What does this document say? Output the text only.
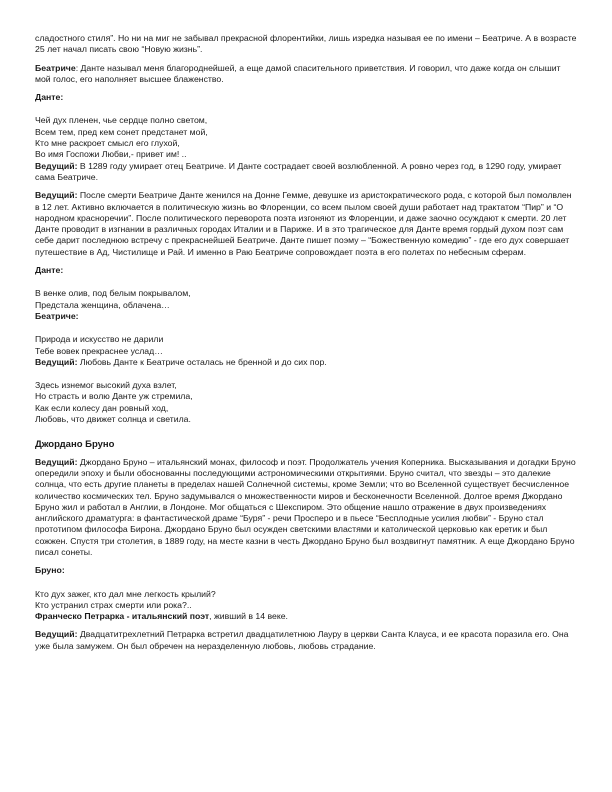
сладостного стиля”. Но ни на миг не забывал прекрасной флорентийки, лишь изредка называя ее по имени – Беатриче. А в возрасте 25 лет начал писать свою “Новую жизнь”.

Беатриче: Данте называл меня благороднейшей, а еще дамой спасительного приветствия. И говорил, что даже когда он слышит мой голос, его наполняет высшее блаженство.

Данте:

Чей дух пленен, чье сердце полно светом,

Всем тем, пред кем сонет предстанет мой,

Кто мне раскроет смысл его глухой,

Во имя Госпожи Любви,- привет им! ..

Ведущий: В 1289 году умирает отец Беатриче. И Данте сострадает своей возлюбленной. А ровно через год, в 1290 году, умирает сама Беатриче.

Ведущий: После смерти Беатриче Данте женился на Донне Гемме, девушке из аристократического рода, с которой был помолвлен в 12 лет. Активно включается в политическую жизнь во Флоренции, со всем пылом своей души работает над трактатом “Пир” и “О народном красноречии”. После политического переворота поэта изгоняют из Флоренции, и даже заочно осуждают к смерти. 20 лет Данте проводит в изгнании в различных городах Италии и в Париже. И в это трагическое для Данте время гордый духом поэт сам себе дарит последнюю встречу с прекраснейшей Беатриче. Данте пишет поэму – “Божественную комедию” - где его дух совершает путешествие в Ад, Чистилище и Рай. И именно в Раю Беатриче сопровождает поэта в его полетах по небесным сферам.

Данте:

В венке олив, под белым покрывалом,

Предстала женщина, облачена…

Беатриче:

Природа и искусство не дарили

Тебе вовек прекраснее услад…

Ведущий: Любовь Данте к Беатриче осталась не бренной и до сих пор.

Здесь изнемог высокий духа взлет,

Но страсть и волю Данте уж стремила,

Как если колесу дан ровный ход,

Любовь, что движет солнца и светила.

Джордано Бруно

Ведущий: Джордано Бруно – итальянский монах, философ и поэт. Продолжатель учения Коперника. Высказывания и догадки Бруно опередили эпоху и были обоснованны последующими астрономическими открытиями. Бруно считал, что звезды – это далекие солнца, что есть другие планеты в пределах нашей Солнечной системы, кроме Земли; что во Вселенной существует бесчисленное количество космических тел. Бруно задумывался о множественности миров и бесконечности Вселенной. Долгое время Джордано Бруно жил и работал в Англии, в Лондоне. Мог общаться с Шекспиром. Это общение нашло отражение в двух произведениях английского драматурга: в фантастической драме “Буря” - речи Просперо и в пьесе “Бесплодные усилия любви” - Бруно стал прототипом философа Бирона. Джордано Бруно был осужден светскими властями и католической церковью как еретик и был сожжен. Спустя три столетия, в 1889 году, на месте казни в честь Джордано Бруно был воздвигнут памятник. А еще Джордано Бруно писал сонеты.

Бруно:

Кто дух зажег, кто дал мне легкость крылий?

Кто устранил страх смерти или рока?..

Франческо Петрарка - итальянский поэт, живший в 14 веке.

Ведущий: Двадцатитрехлетний Петрарка встретил двадцатилетнюю Лауру в церкви Санта Клауса, и ее красота поразила его. Она уже была замужем. Он был обречен на неразделенную любовь, любовь страдание.
